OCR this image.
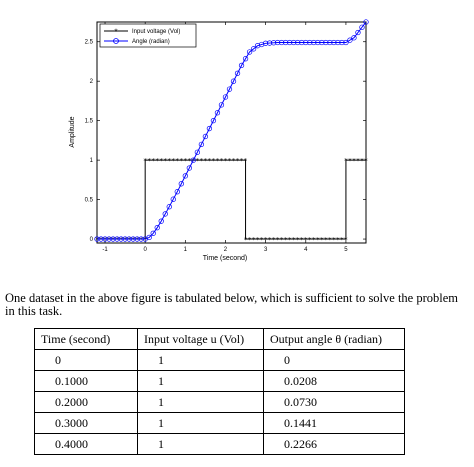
-1	0	1	2	3	4	5
0
0.5
1
1.5
2
2.5
* * * * * * * * * * * * *
* * * * * * * * * * * * * * * * * * * * * * * * * *
* * * * * * * * * * * * * * * * * * * * * * * * * *
* * * * * *
Amplitude
Time (second)
* Input voltage (Vol)
Angle (radian)
One dataset in the above figure is tabulated below, which is sufficient to solve the problem in this task.
Time (second)	Input voltage u (Vol)	Output angle θ (radian)
0	1	0
0.1000	1	0.0208
0.2000	1	0.0730
0.3000	1	0.1441
0.4000	1	0.2266
